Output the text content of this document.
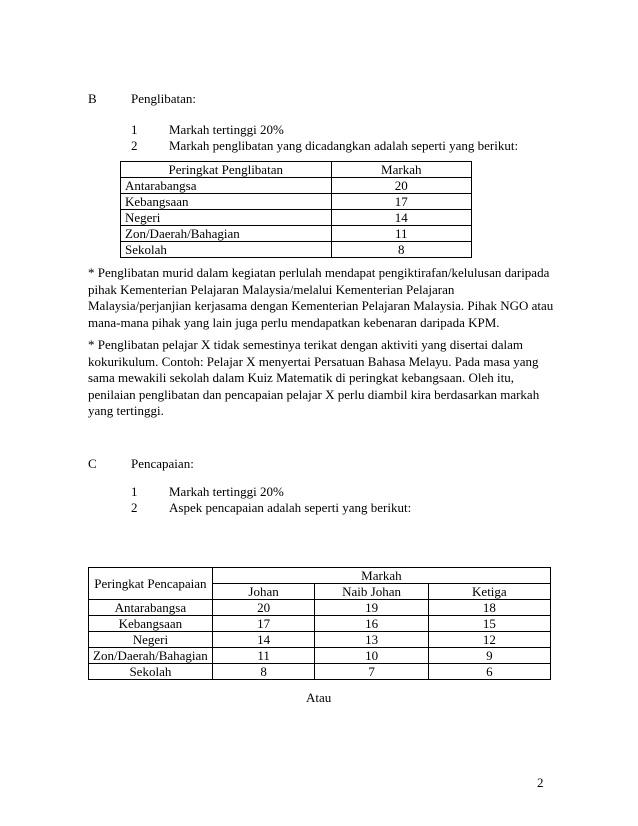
B	Penglibatan:
1 Markah tertinggi 20%
2 Markah penglibatan yang dicadangkan adalah seperti yang berikut:
Peringkat Penglibatan	Markah
Antarabangsa	20
Kebangsaan	17
Negeri	14
Zon/Daerah/Bahagian	11
Sekolah	8
* Penglibatan murid dalam kegiatan perlulah mendapat pengiktirafan/kelulusan daripada pihak Kementerian Pelajaran Malaysia/melalui Kementerian Pelajaran Malaysia/perjanjian kerjasama dengan Kementerian Pelajaran Malaysia. Pihak NGO atau mana-mana pihak yang lain juga perlu mendapatkan kebenaran daripada KPM.
* Penglibatan pelajar X tidak semestinya terikat dengan aktiviti yang disertai dalam kokurikulum. Contoh: Pelajar X menyertai Persatuan Bahasa Melayu. Pada masa yang sama mewakili sekolah dalam Kuiz Matematik di peringkat kebangsaan. Oleh itu, penilaian penglibatan dan pencapaian pelajar X perlu diambil kira berdasarkan markah yang tertinggi.
C	Pencapaian:
1 Markah tertinggi 20%
2 Aspek pencapaian adalah seperti yang berikut:
Peringkat Pencapaian	Markah		
	Johan	Naib Johan	Ketiga
Antarabangsa	20	19	18
Kebangsaan	17	16	15
Negeri	14	13	12
Zon/Daerah/Bahagian	11	10	9
Sekolah	8	7	6
Atau
2
